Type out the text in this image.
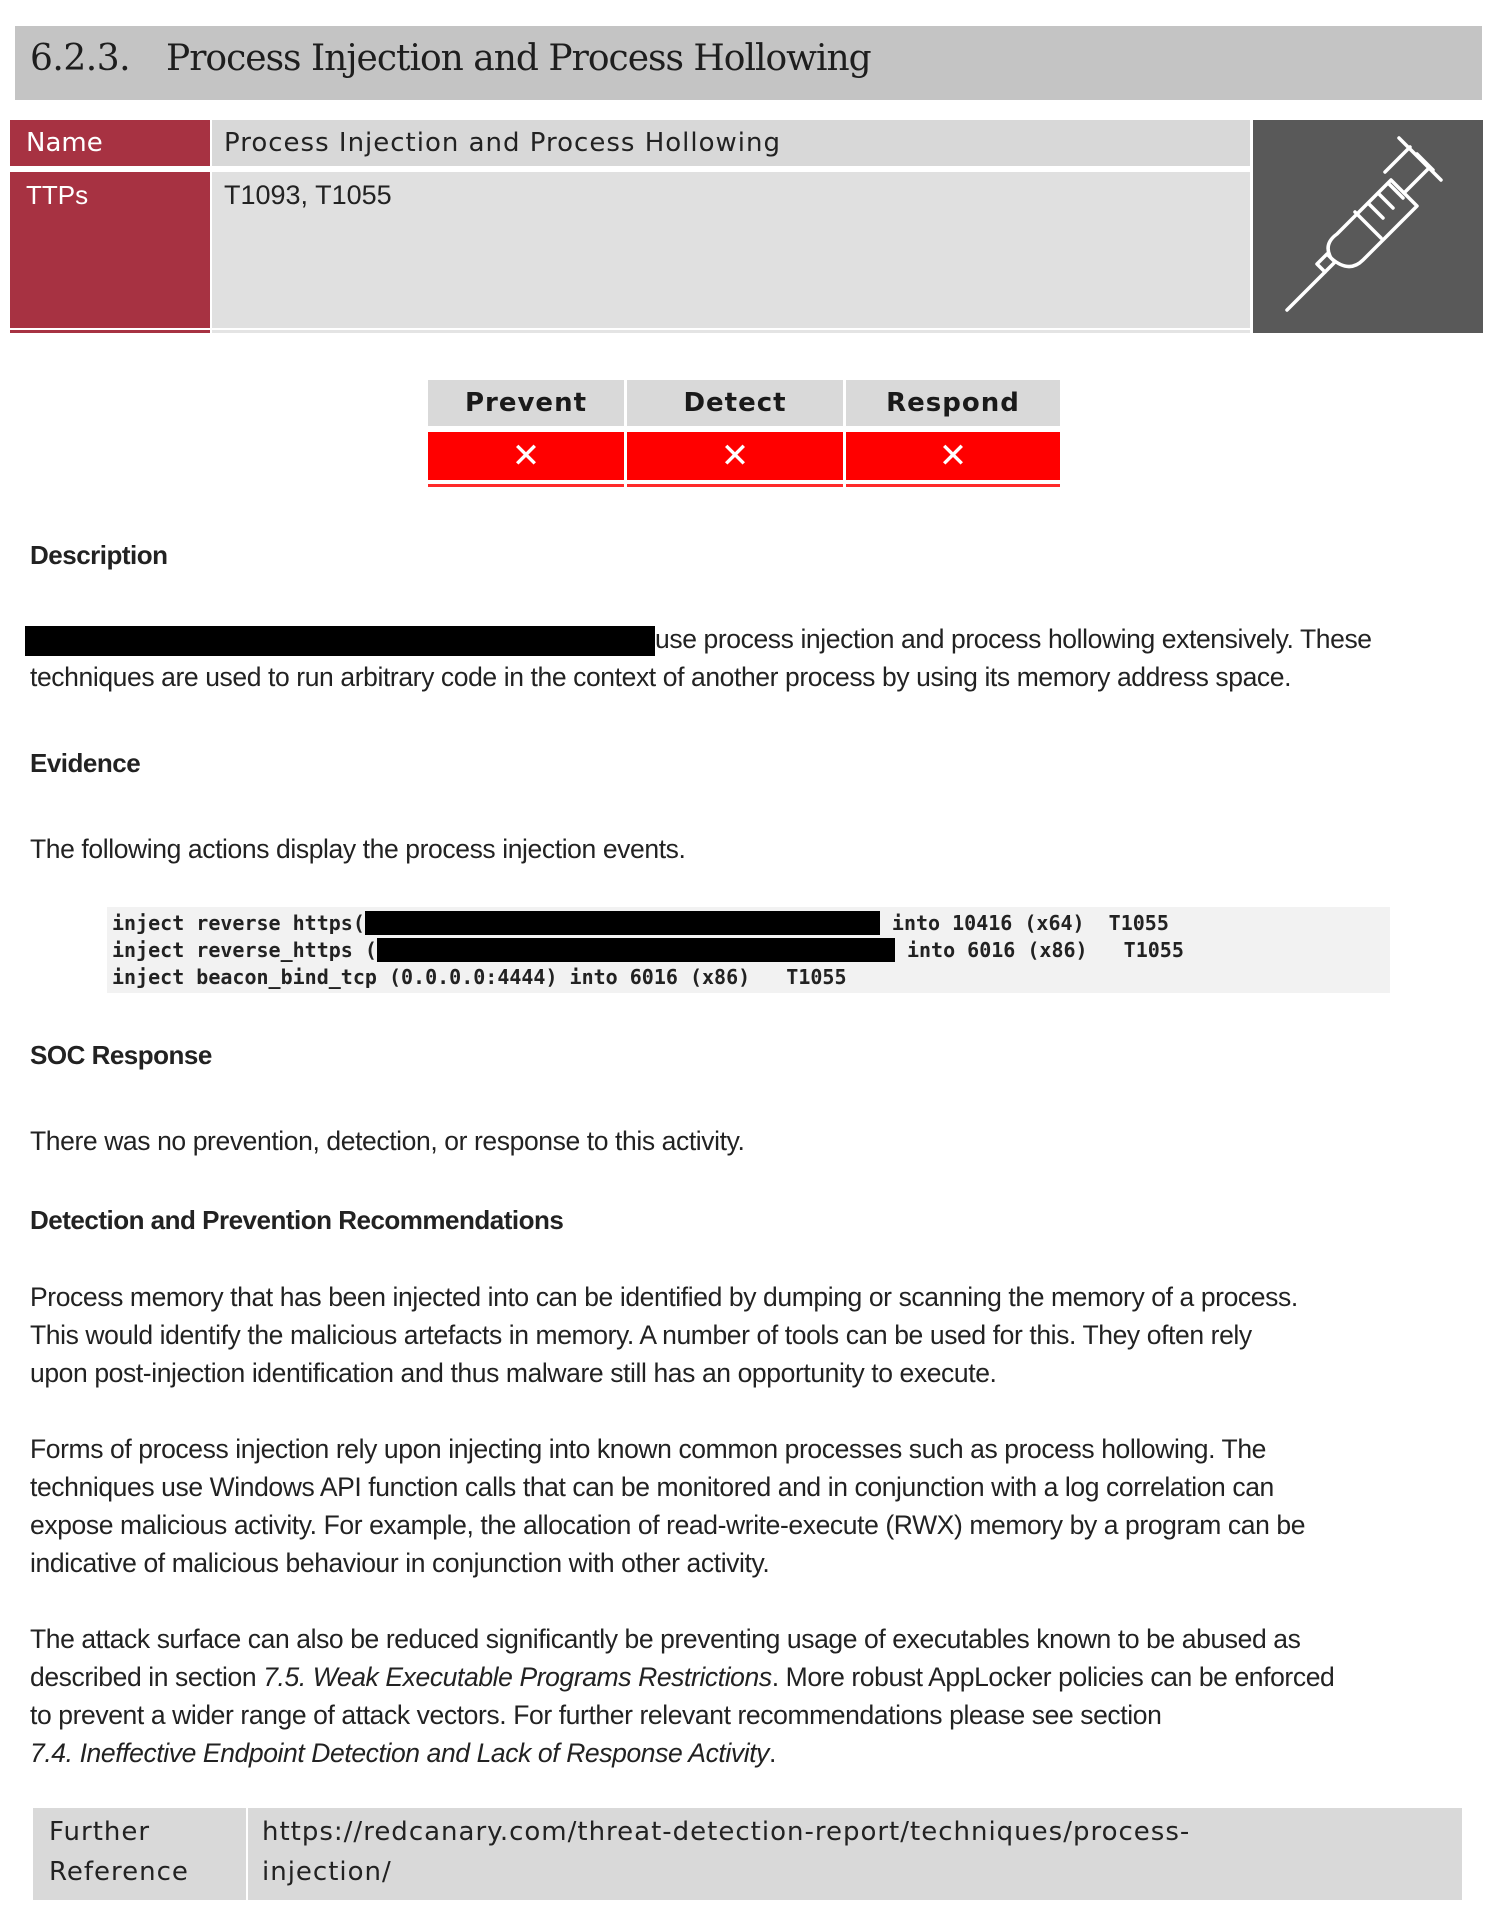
6.2.3. Process Injection and Process Hollowing
Name	Process Injection and Process Hollowing
TTPs	T1093, T1055
Prevent	Detect	Respond
✕	✕	✕
Description
use process injection and process hollowing extensively. These
techniques are used to run arbitrary code in the context of another process by using its memory address space.
Evidence
The following actions display the process injection events.
inject reverse https(	into 10416 (x64)  T1055
inject reverse_https (	into 6016 (x86)   T1055
inject beacon_bind_tcp (0.0.0.0:4444) into 6016 (x86)   T1055
SOC Response
There was no prevention, detection, or response to this activity.
Detection and Prevention Recommendations
Process memory that has been injected into can be identified by dumping or scanning the memory of a process.
This would identify the malicious artefacts in memory. A number of tools can be used for this. They often rely
upon post-injection identification and thus malware still has an opportunity to execute.
Forms of process injection rely upon injecting into known common processes such as process hollowing. The
techniques use Windows API function calls that can be monitored and in conjunction with a log correlation can
expose malicious activity. For example, the allocation of read-write-execute (RWX) memory by a program can be
indicative of malicious behaviour in conjunction with other activity.
The attack surface can also be reduced significantly be preventing usage of executables known to be abused as
described in section 7.5. Weak Executable Programs Restrictions. More robust AppLocker policies can be enforced
to prevent a wider range of attack vectors. For further relevant recommendations please see section
7.4. Ineffective Endpoint Detection and Lack of Response Activity.
Further
Reference
https://redcanary.com/threat-detection-report/techniques/process-
injection/
